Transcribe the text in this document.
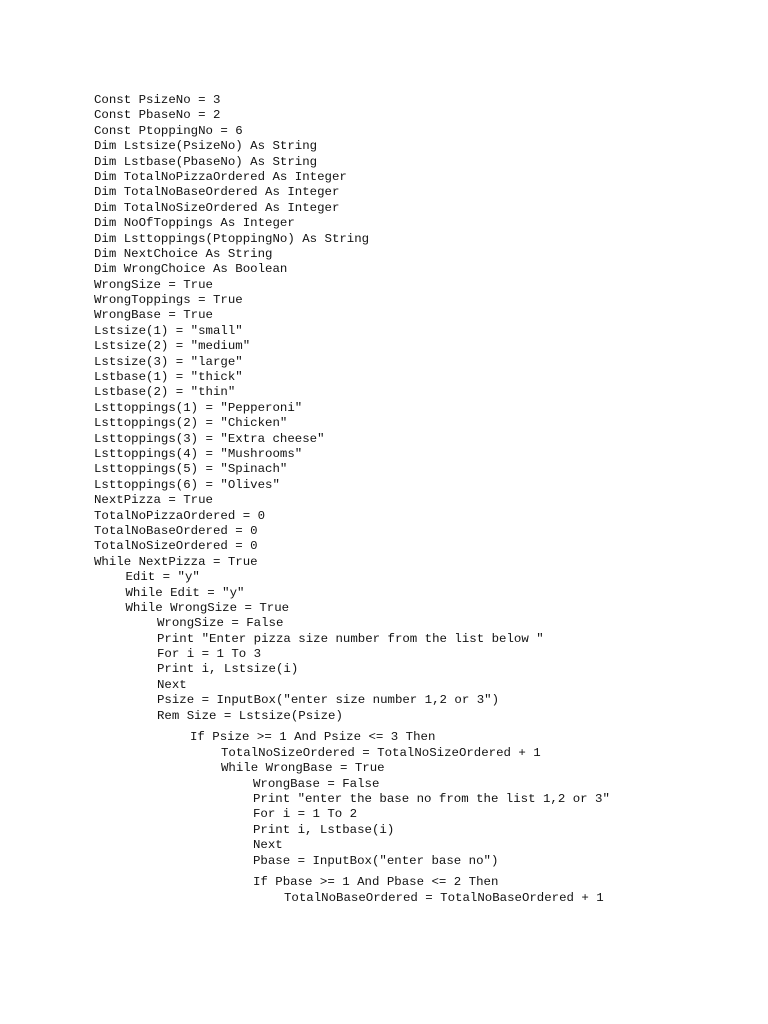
Const PsizeNo = 3
Const PbaseNo = 2
Const PtoppingNo = 6
Dim Lstsize(PsizeNo) As String
Dim Lstbase(PbaseNo) As String
Dim TotalNoPizzaOrdered As Integer
Dim TotalNoBaseOrdered As Integer
Dim TotalNoSizeOrdered As Integer
Dim NoOfToppings As Integer
Dim Lsttoppings(PtoppingNo) As String
Dim NextChoice As String
Dim WrongChoice As Boolean
WrongSize = True
WrongToppings = True
WrongBase = True
Lstsize(1) = "small"
Lstsize(2) = "medium"
Lstsize(3) = "large"
Lstbase(1) = "thick"
Lstbase(2) = "thin"
Lsttoppings(1) = "Pepperoni"
Lsttoppings(2) = "Chicken"
Lsttoppings(3) = "Extra cheese"
Lsttoppings(4) = "Mushrooms"
Lsttoppings(5) = "Spinach"
Lsttoppings(6) = "Olives"
NextPizza = True
TotalNoPizzaOrdered = 0
TotalNoBaseOrdered = 0
TotalNoSizeOrdered = 0
While NextPizza = True
Edit = "y"
While Edit = "y"
While WrongSize = True
WrongSize = False
Print "Enter pizza size number from the list below "
For i = 1 To 3
Print i, Lstsize(i)
Next
Psize = InputBox("enter size number 1,2 or 3")
Rem Size = Lstsize(Psize)
If Psize >= 1 And Psize <= 3 Then
TotalNoSizeOrdered = TotalNoSizeOrdered + 1
While WrongBase = True
WrongBase = False
Print "enter the base no from the list 1,2 or 3"
For i = 1 To 2
Print i, Lstbase(i)
Next
Pbase = InputBox("enter base no")
If Pbase >= 1 And Pbase <= 2 Then
TotalNoBaseOrdered = TotalNoBaseOrdered + 1
